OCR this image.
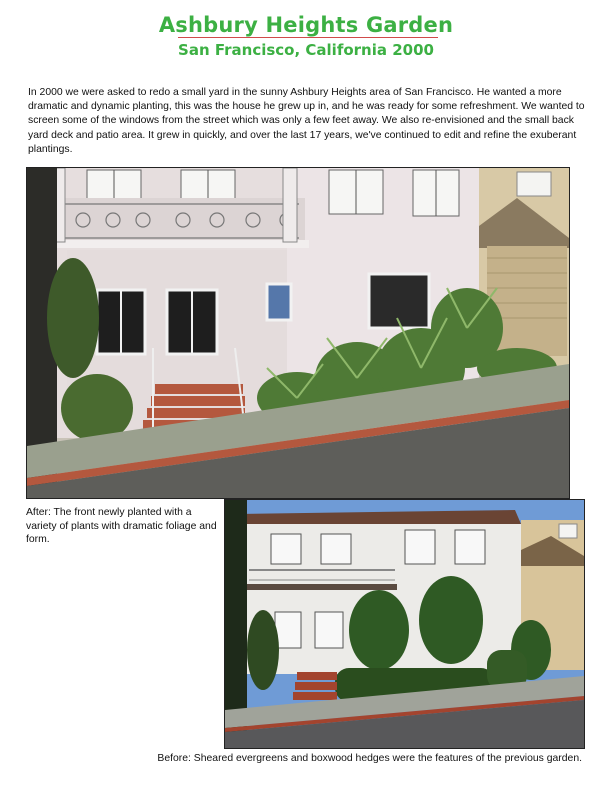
Ashbury Heights Garden
San Francisco, California 2000

In 2000 we were asked to redo a small yard in the sunny Ashbury Heights area of San Francisco. He wanted a more dramatic and dynamic planting, this was the house he grew up in, and he was ready for some refreshment. We wanted to screen some of the windows from the street which was only a few feet away. We also re-envisioned and the small back yard deck and patio area. It grew in quickly, and over the last 17 years, we've continued to edit and refine the exuberant plantings.

After: The front newly planted with a variety of plants with dramatic foliage and form.
Before: Sheared evergreens and boxwood hedges were the features of the previous garden.
